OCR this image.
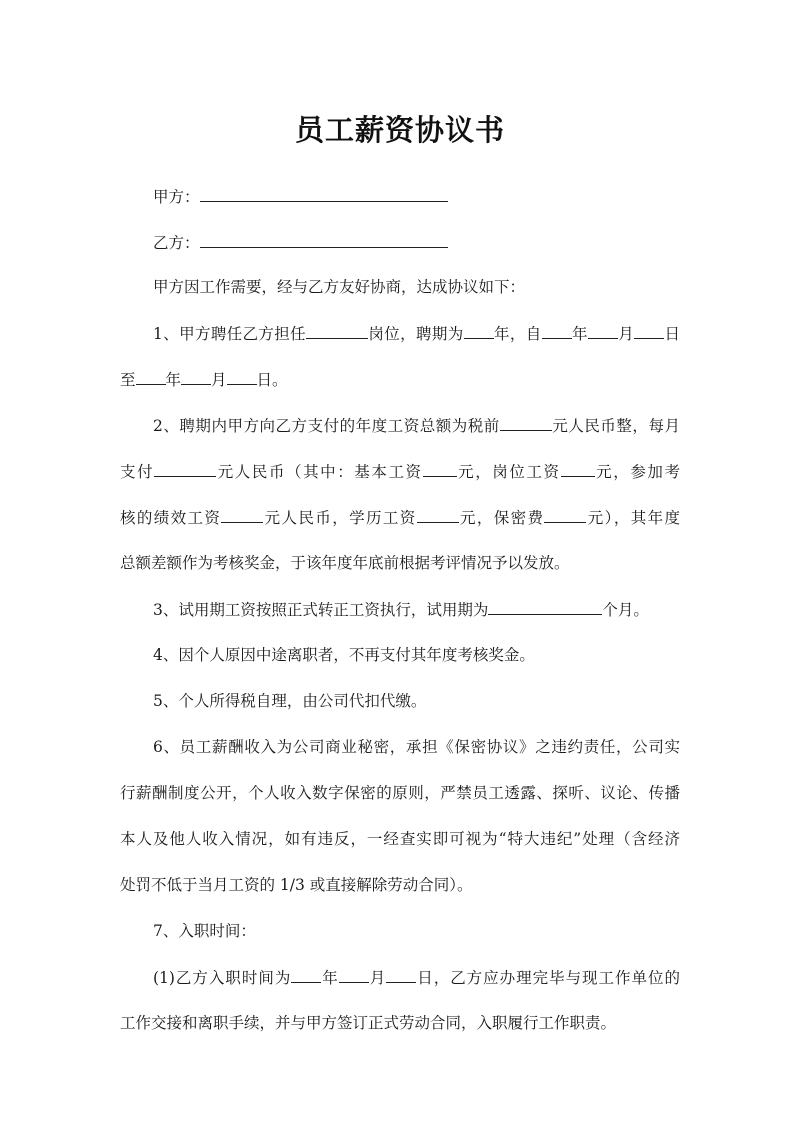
员工薪资协议书
甲方：
乙方：
甲方因工作需要，经与乙方友好协商，达成协议如下：
1、甲方聘任乙方担任	岗位，聘期为 年，自 年 月 日
至 年 月 日。
2、聘期内甲方向乙方支付的年度工资总额为税前	元人民币整，每月
支付	元人民币（其中：基本工资 元，岗位工资 元，参加考
核的绩效工资	元人民币，学历工资	元，保密费	元），其年度
总额差额作为考核奖金，于该年度年底前根据考评情况予以发放。
3、试用期工资按照正式转正工资执行，试用期为	个月。
4、因个人原因中途离职者，不再支付其年度考核奖金。
5、个人所得税自理，由公司代扣代缴。
6、员工薪酬收入为公司商业秘密，承担《保密协议》之违约责任，公司实
行薪酬制度公开，个人收入数字保密的原则，严禁员工透露、探听、议论、传播
本人及他人收入情况，如有违反，一经查实即可视为“特大违纪”处理（含经济
处罚不低于当月工资的 1/3 或直接解除劳动合同）。
7、入职时间：
(1)乙方入职时间为 年 月 日，乙方应办理完毕与现工作单位的
工作交接和离职手续，并与甲方签订正式劳动合同，入职履行工作职责。
